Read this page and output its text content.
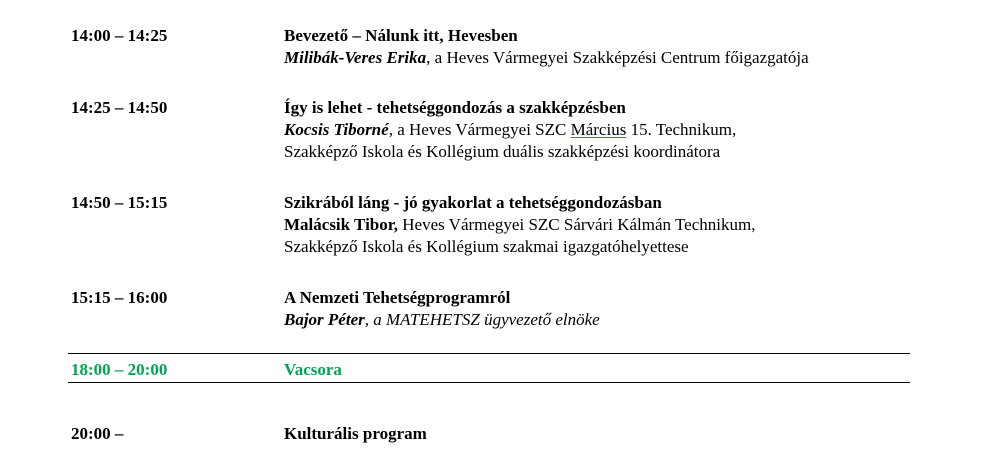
14:00 – 14:25	Bevezető – Nálunk itt, Hevesben
Milibák-Veres Erika, a Heves Vármegyei Szakképzési Centrum főigazgatója
14:25 – 14:50	Így is lehet - tehetséggondozás a szakképzésben
Kocsis Tiborné, a Heves Vármegyei SZC Március 15. Technikum,
Szakképző Iskola és Kollégium duális szakképzési koordinátora
14:50 – 15:15	Szikrából láng - jó gyakorlat a tehetséggondozásban
Malácsik Tibor, Heves Vármegyei SZC Sárvári Kálmán Technikum,
Szakképző Iskola és Kollégium szakmai igazgatóhelyettese
15:15 – 16:00	A Nemzeti Tehetségprogramról
Bajor Péter, a MATEHETSZ ügyvezető elnöke
18:00 – 20:00	Vacsora
20:00 –	Kulturális program
